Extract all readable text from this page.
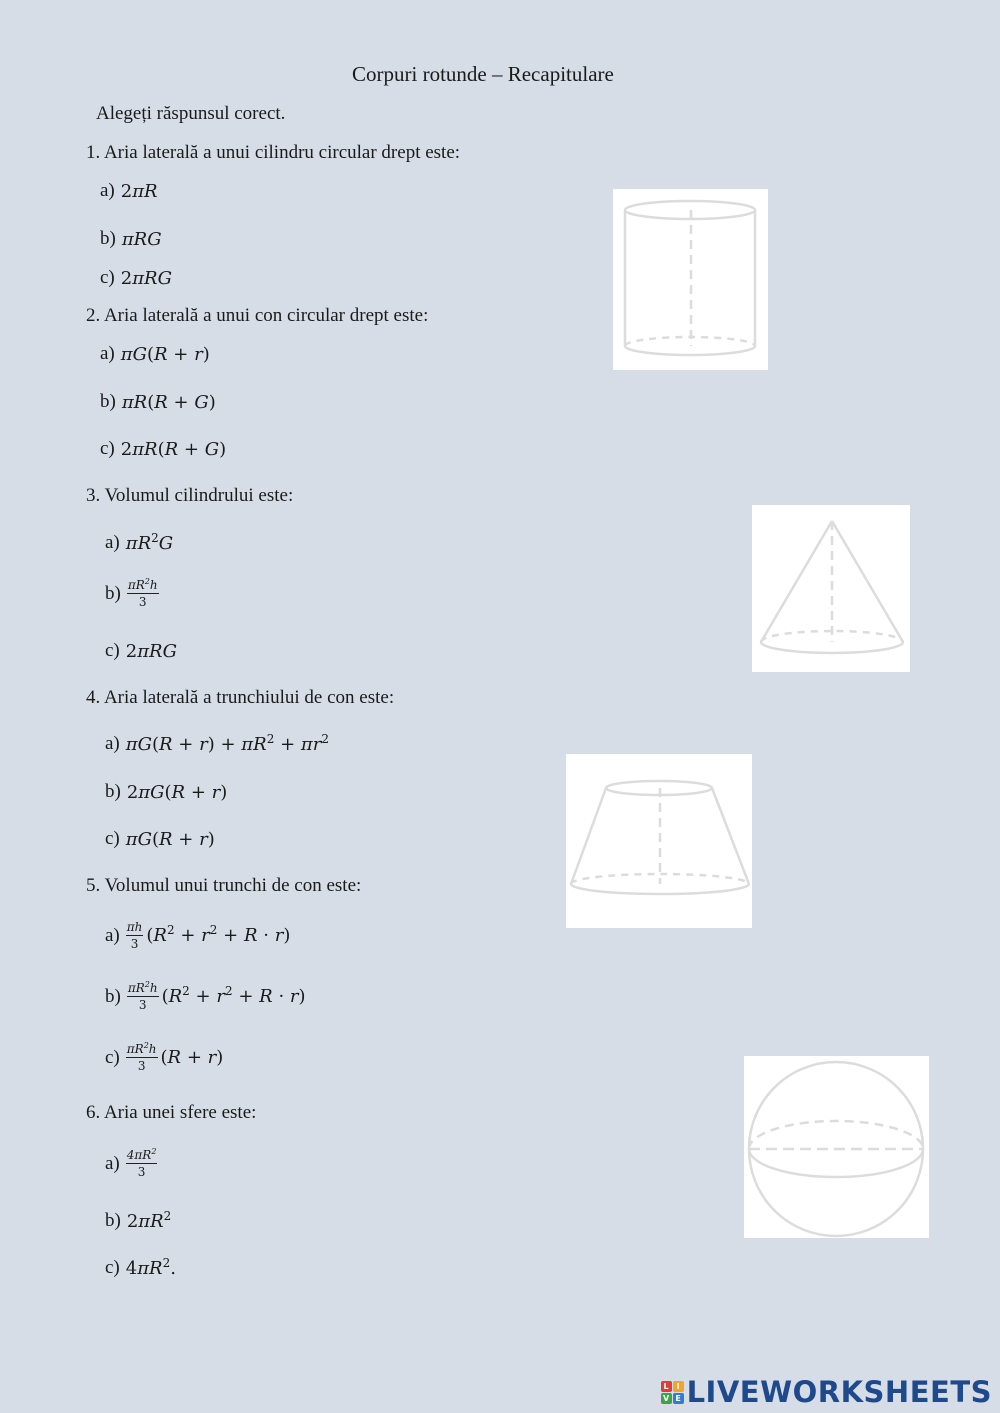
Corpuri rotunde – Recapitulare
Alegeți răspunsul corect.
1. Aria laterală a unui cilindru circular drept este:
a) 2πR
b) πRG
c) 2πRG
2. Aria laterală a unui con circular drept este:
a) πG(R + r)
b) πR(R + G)
c) 2πR(R + G)
3. Volumul cilindrului este:
a) $\pi R^2G$
$b) \frac{\pi R^2h}{3}$
c) 2πRG
4. Aria laterală a trunchiului de con este:
a) $\pi G(R + r) + \pi R^2 + \pi r^2$
b) 2πG(R + r)
c) πG(R + r)
5. Volumul unui trunchi de con este:
$a) \frac{\pi h}{3} (R^2 + r^2 + R \cdot r)$
$b) \frac{\pi R^2h}{3} (R^2 + r^2 + R \cdot r)$
$c) \frac{\pi R^2h}{3} (R + r)$
6. Aria unei sfere este:
$a) \frac{4\pi R^2}{3}$
b) $2\pi R^2$
c) $4\pi R^2$.
L I
V E LIVEWORKSHEETS
